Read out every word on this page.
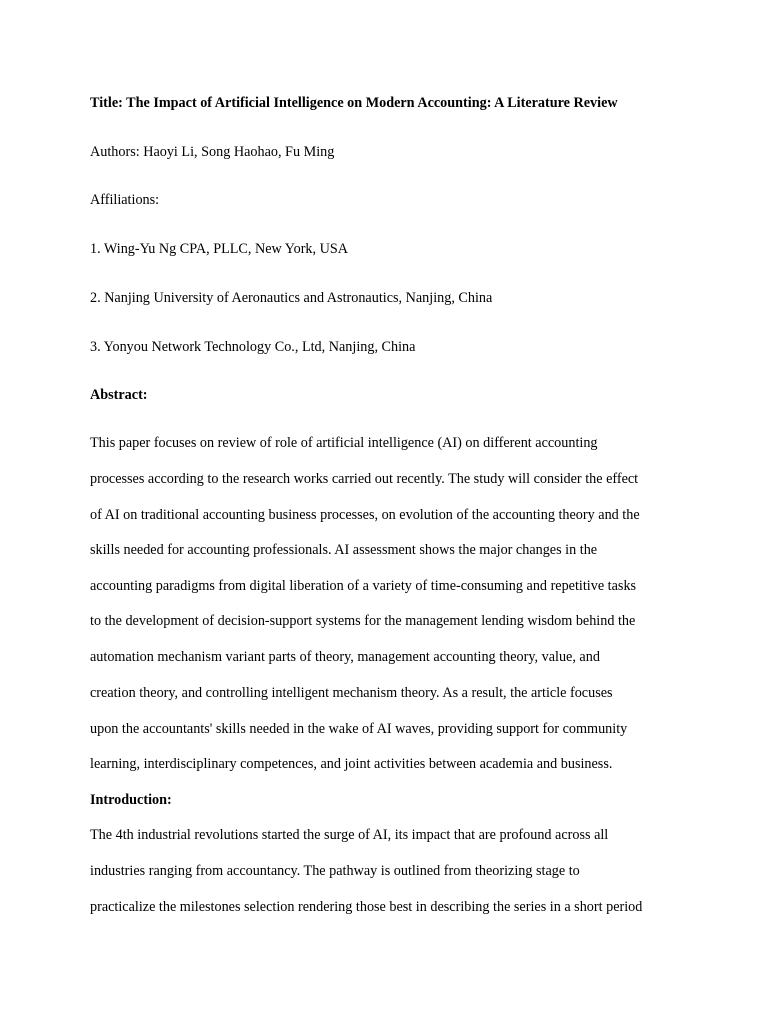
Title: The Impact of Artificial Intelligence on Modern Accounting: A Literature Review
Authors: Haoyi Li, Song Haohao, Fu Ming
Affiliations:
1. Wing-Yu Ng CPA, PLLC, New York, USA
2. Nanjing University of Aeronautics and Astronautics, Nanjing, China
3. Yonyou Network Technology Co., Ltd, Nanjing, China
Abstract:
This paper focuses on review of role of artificial intelligence (AI) on different accounting
processes according to the research works carried out recently. The study will consider the effect
of AI on traditional accounting business processes, on evolution of the accounting theory and the
skills needed for accounting professionals. AI assessment shows the major changes in the
accounting paradigms from digital liberation of a variety of time-consuming and repetitive tasks
to the development of decision-support systems for the management lending wisdom behind the
automation mechanism variant parts of theory, management accounting theory, value, and
creation theory, and controlling intelligent mechanism theory. As a result, the article focuses
upon the accountants' skills needed in the wake of AI waves, providing support for community
learning, interdisciplinary competences, and joint activities between academia and business.
Introduction:
The 4th industrial revolutions started the surge of AI, its impact that are profound across all
industries ranging from accountancy. The pathway is outlined from theorizing stage to
practicalize the milestones selection rendering those best in describing the series in a short period
